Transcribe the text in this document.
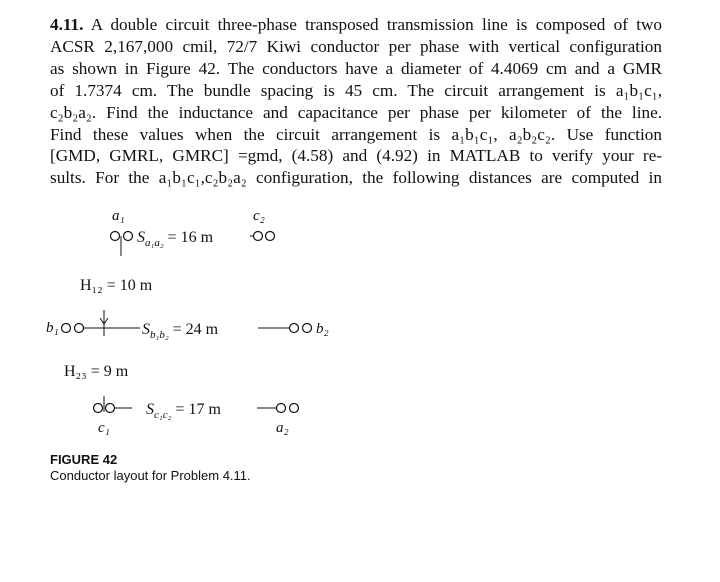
4.11. A double circuit three-phase transposed transmission line is composed of two
ACSR 2,167,000 cmil, 72/7 Kiwi conductor per phase with vertical configuration
as shown in Figure 42. The conductors have a diameter of 4.4069 cm and a GMR
of 1.7374 cm. The bundle spacing is 45 cm. The circuit arrangement is a₁b₁c₁,
c₂b₂a₂. Find the inductance and capacitance per phase per kilometer of the line.
Find these values when the circuit arrangement is a₁b₁c₁, a₂b₂c₂. Use function
[GMD, GMRL, GMRC] =gmd, (4.58) and (4.92) in MATLAB to verify your re-
sults. For the a₁b₁c₁,c₂b₂a₂ configuration, the following distances are computed in
a₁	c₂
$S_{a_1a_2} = 16$ m
H₁₂ = 10 m
b₁	$S_{b_1b_2} = 24$ m	b₂
H₂₃ = 9 m
$S_{c_1c_2} = 17$ m
c₁	a₂
FIGURE 42
Conductor layout for Problem 4.11.
